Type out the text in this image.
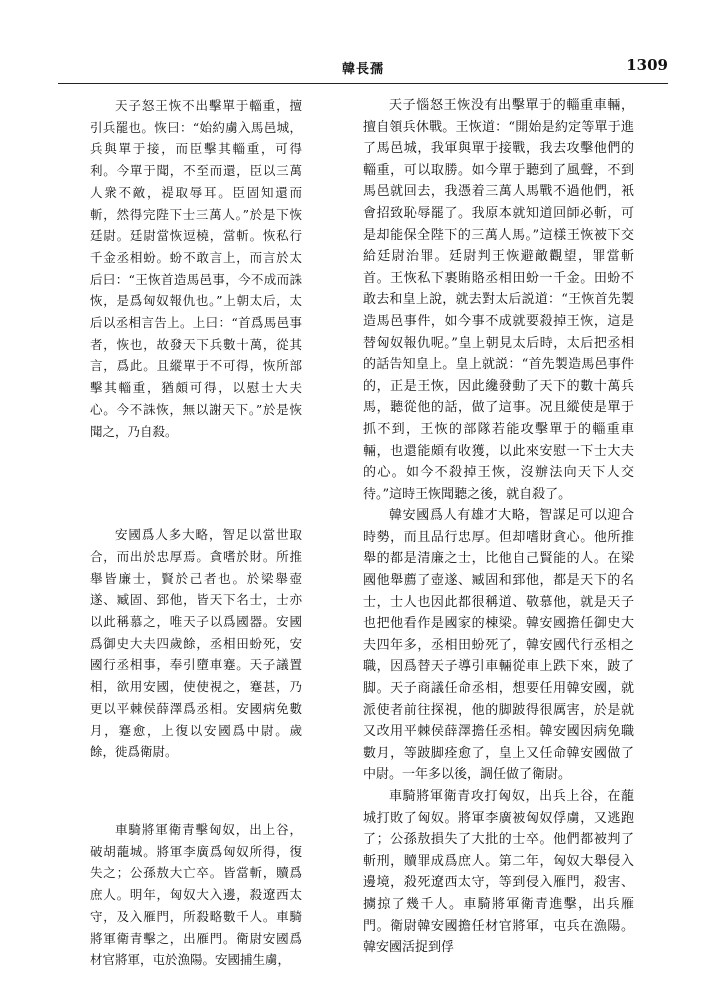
韓長孺	1309

天子怒王恢不出擊單于輜重，擅引兵罷也。恢曰：“始約虜入馬邑城，兵與單于接，而臣擊其輜重，可得利。今單于聞，不至而還，臣以三萬人衆不敵，禔取辱耳。臣固知還而斬，然得完陛下士三萬人。”於是下恢廷尉。廷尉當恢逗橈，當斬。恢私行千金丞相蚡。蚡不敢言上，而言於太后曰：“王恢首造馬邑事，今不成而誅恢，是爲匈奴報仇也。”上朝太后，太后以丞相言告上。上曰：“首爲馬邑事者，恢也，故發天下兵數十萬，從其言，爲此。且縱單于不可得，恢所部擊其輜重，猶頗可得，以慰士大夫心。今不誅恢，無以謝天下。”於是恢聞之，乃自殺。

安國爲人多大略，智足以當世取合，而出於忠厚焉。貪嗜於財。所推舉皆廉士，賢於己者也。於梁舉壺遂、臧固、郅他，皆天下名士，士亦以此稱慕之，唯天子以爲國器。安國爲御史大夫四歲餘，丞相田蚡死，安國行丞相事，奉引墮車蹇。天子議置相，欲用安國，使使視之，蹇甚，乃更以平棘侯薛澤爲丞相。安國病免數月，蹇愈，上復以安國爲中尉。歲餘，徙爲衛尉。

車騎將軍衛青擊匈奴，出上谷，破胡蘢城。將軍李廣爲匈奴所得，復失之；公孫敖大亡卒。皆當斬，贖爲庶人。明年，匈奴大入邊，殺遼西太守，及入雁門，所殺略數千人。車騎將軍衛青擊之，出雁門。衛尉安國爲材官將軍，屯於漁陽。安國捕生虜，

天子惱怒王恢没有出擊單于的輜重車輛，擅自領兵休戰。王恢道：“開始是約定等單于進了馬邑城，我軍與單于接戰，我去攻擊他們的輜重，可以取勝。如今單于聽到了風聲，不到馬邑就回去，我憑着三萬人馬戰不過他們，衹會招致恥辱罷了。我原本就知道回師必斬，可是却能保全陛下的三萬人馬。”這樣王恢被下交給廷尉治罪。廷尉判王恢避敵觀望，罪當斬首。王恢私下裹賄賂丞相田蚡一千金。田蚡不敢去和皇上說，就去對太后説道：“王恢首先製造馬邑事件，如今事不成就要殺掉王恢，這是替匈奴報仇呢。”皇上朝見太后時，太后把丞相的話告知皇上。皇上就説：“首先製造馬邑事件的，正是王恢，因此纔發動了天下的數十萬兵馬，聽從他的話，做了這事。况且縱使是單于抓不到，王恢的部隊若能攻擊單于的輜重車輛，也還能頗有收獲，以此來安慰一下士大夫的心。如今不殺掉王恢，沒辦法向天下人交待。”這時王恢聞聽之後，就自殺了。

韓安國爲人有雄才大略，智謀足可以迎合時勢，而且品行忠厚。但却嗜財貪心。他所推舉的都是清廉之士，比他自己賢能的人。在梁國他舉薦了壺遂、臧固和郅他，都是天下的名士，士人也因此都很稱道、敬慕他，就是天子也把他看作是國家的棟梁。韓安國擔任御史大夫四年多，丞相田蚡死了，韓安國代行丞相之職，因爲替天子導引車輛從車上跌下來，跛了脚。天子商議任命丞相，想要任用韓安國，就派使者前往探視，他的脚跛得很厲害，於是就又改用平棘侯薛澤擔任丞相。韓安國因病免職數月，等跛脚痊愈了，皇上又任命韓安國做了中尉。一年多以後，調任做了衛尉。

車騎將軍衛青攻打匈奴，出兵上谷，在蘢城打敗了匈奴。將軍李廣被匈奴俘虜，又逃跑了；公孫敖損失了大批的士卒。他們都被判了斬刑，贖罪成爲庶人。第二年，匈奴大舉侵入邊境，殺死遼西太守，等到侵入雁門，殺害、擄掠了幾千人。車騎將軍衛青進擊，出兵雁門。衛尉韓安國擔任材官將軍，屯兵在漁陽。韓安國活捉到俘
